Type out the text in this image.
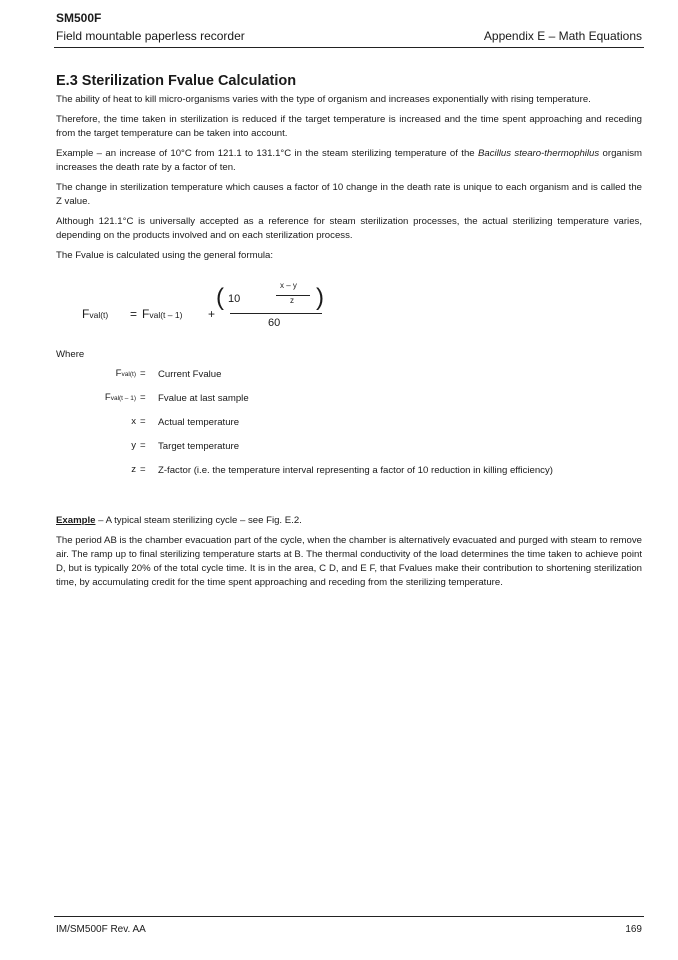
SM500F
Field mountable paperless recorder	Appendix E – Math Equations
E.3 Sterilization Fvalue Calculation

The ability of heat to kill micro-organisms varies with the type of organism and increases exponentially with rising temperature.

Therefore, the time taken in sterilization is reduced if the target temperature is increased and the time spent approaching and receding from the target temperature can be taken into account.

Example – an increase of 10°C from 121.1 to 131.1°C in the steam sterilizing temperature of the Bacillus stearo-thermophilus organism increases the death rate by a factor of ten.

The change in sterilization temperature which causes a factor of 10 change in the death rate is unique to each organism and is called the Z value.

Although 121.1°C is universally accepted as a reference for steam sterilization processes, the actual sterilizing temperature varies, depending on the products involved and on each sterilization process.

The Fvalue is calculated using the general formula:

Fval(t) = Fval(t – 1) +
( 10
x – y
z )
60
Where
Fval(t) = Current Fvalue
Fval(t – 1) = Fvalue at last sample
x = Actual temperature
y = Target temperature
z = Z-factor (i.e. the temperature interval representing a factor of 10 reduction in killing efficiency)

Example – A typical steam sterilizing cycle – see Fig. E.2.

The period AB is the chamber evacuation part of the cycle, when the chamber is alternatively evacuated and purged with steam to remove air. The ramp up to final sterilizing temperature starts at B. The thermal conductivity of the load determines the time taken to achieve point D, but is typically 20% of the total cycle time. It is in the area, C D, and E F, that Fvalues make their contribution to shortening sterilization time, by accumulating credit for the time spent approaching and receding from the sterilizing temperature.

IM/SM500F Rev. AA	169
